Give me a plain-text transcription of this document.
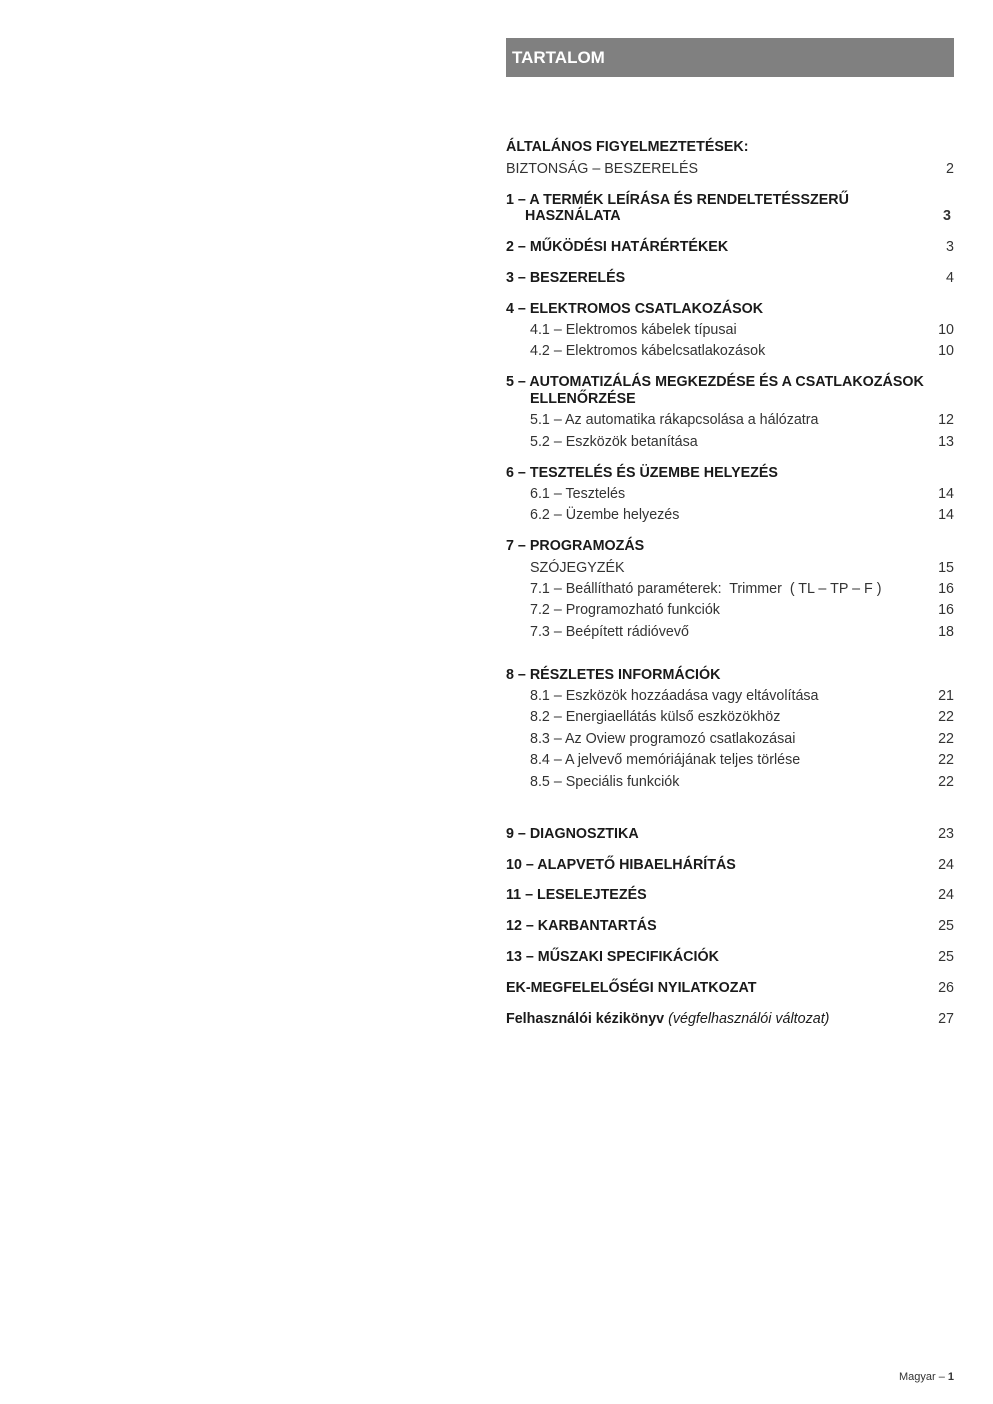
TARTALOM
ÁLTALÁNOS FIGYELMEZTETÉSEK:
BIZTONSÁG – BESZERELÉS	2
1 – A TERMÉK LEÍRÁSA ÉS RENDELTETÉSSZERŰ
HASZNÁLATA	3
2 – MŰKÖDÉSI HATÁRÉRTÉKEK	3
3 – BESZERELÉS	4
4 – ELEKTROMOS CSATLAKOZÁSOK
4.1 – Elektromos kábelek típusai	10
4.2 – Elektromos kábelcsatlakozások	10
5 – AUTOMATIZÁLÁS MEGKEZDÉSE ÉS A CSATLAKOZÁSOK
ELLENŐRZÉSE
5.1 – Az automatika rákapcsolása a hálózatra	12
5.2 – Eszközök betanítása	13
6 – TESZTELÉS ÉS ÜZEMBE HELYEZÉS
6.1 – Tesztelés	14
6.2 – Üzembe helyezés	14
7 – PROGRAMOZÁS
SZÓJEGYZÉK	15
7.1 – Beállítható paraméterek:  Trimmer  ( TL – TP – F )	16
7.2 – Programozható funkciók	16
7.3 – Beépített rádióvevő	18
8 – RÉSZLETES INFORMÁCIÓK
8.1 – Eszközök hozzáadása vagy eltávolítása	21
8.2 – Energiaellátás külső eszközökhöz	22
8.3 – Az Oview programozó csatlakozásai	22
8.4 – A jelvevő memóriájának teljes törlése	22
8.5 – Speciális funkciók	22
9 – DIAGNOSZTIKA	23
10 – ALAPVETŐ HIBAELHÁRÍTÁS	24
11 – LESELEJTEZÉS	24
12 – KARBANTARTÁS	25
13 – MŰSZAKI SPECIFIKÁCIÓK	25
EK-MEGFELELŐSÉGI NYILATKOZAT	26
Felhasználói kézikönyv (végfelhasználói változat)	27
Magyar – 1
